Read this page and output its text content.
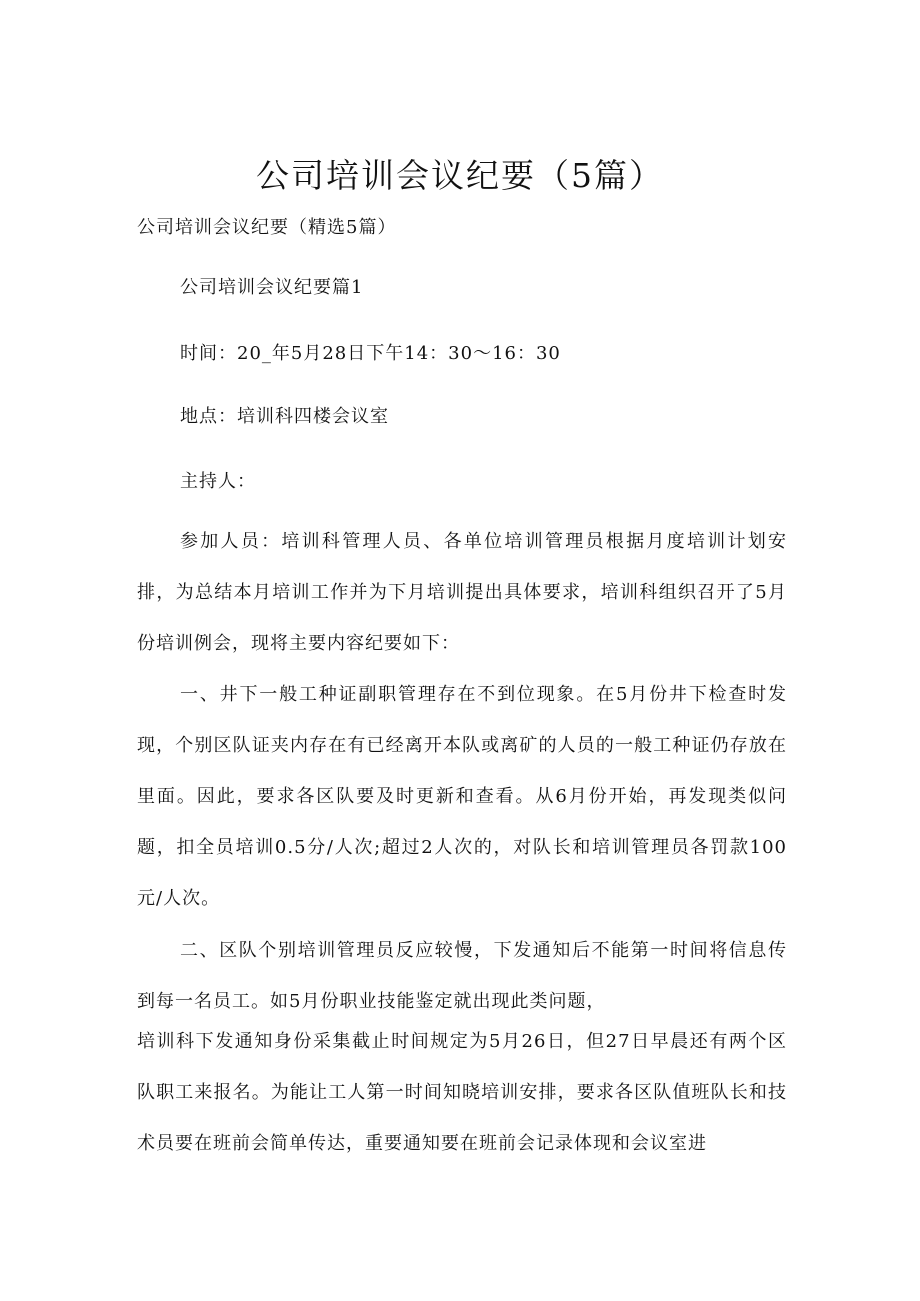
公司培训会议纪要（5篇）

公司培训会议纪要（精选5篇）

公司培训会议纪要篇1

时间：20_年5月28日下午14：30～16：30

地点：培训科四楼会议室

主持人：

参加人员：培训科管理人员、各单位培训管理员根据月度培训计划安排，为总结本月培训工作并为下月培训提出具体要求，培训科组织召开了5月份培训例会，现将主要内容纪要如下：

一、井下一般工种证副职管理存在不到位现象。在5月份井下检查时发现，个别区队证夹内存在有已经离开本队或离矿的人员的一般工种证仍存放在里面。因此，要求各区队要及时更新和查看。从6月份开始，再发现类似问题，扣全员培训0.5分/人次;超过2人次的，对队长和培训管理员各罚款100元/人次。

二、区队个别培训管理员反应较慢，下发通知后不能第一时间将信息传到每一名员工。如5月份职业技能鉴定就出现此类问题，

培训科下发通知身份采集截止时间规定为5月26日，但27日早晨还有两个区队职工来报名。为能让工人第一时间知晓培训安排，要求各区队值班队长和技术员要在班前会简单传达，重要通知要在班前会记录体现和会议室进
